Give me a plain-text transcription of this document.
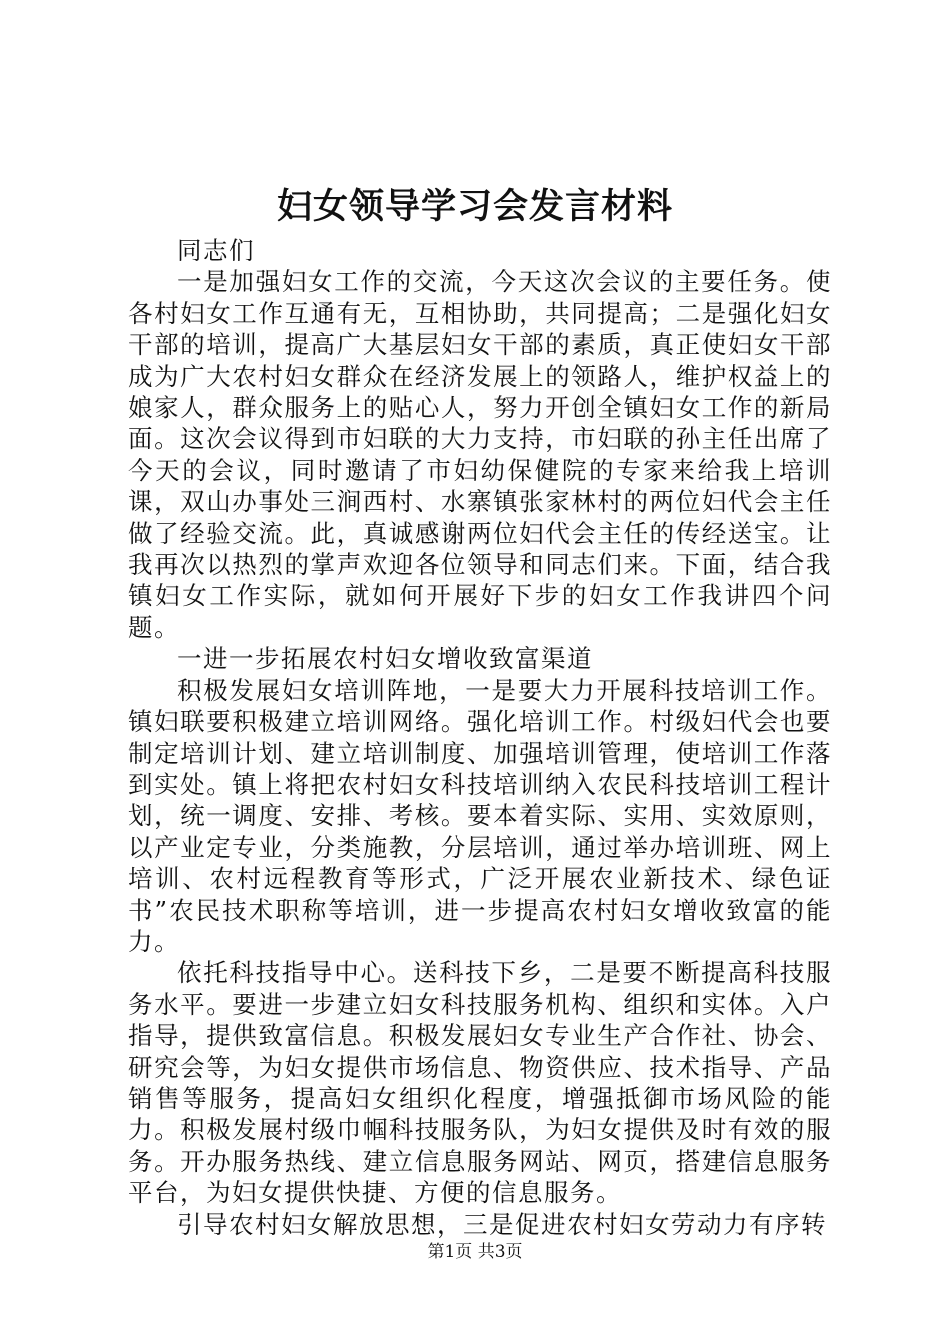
妇女领导学习会发言材料

同志们

一是加强妇女工作的交流，今天这次会议的主要任务。使各村妇女工作互通有无，互相协助，共同提高；二是强化妇女干部的培训，提高广大基层妇女干部的素质，真正使妇女干部成为广大农村妇女群众在经济发展上的领路人，维护权益上的娘家人，群众服务上的贴心人，努力开创全镇妇女工作的新局面。这次会议得到市妇联的大力支持，市妇联的孙主任出席了今天的会议，同时邀请了市妇幼保健院的专家来给我上培训课，双山办事处三涧西村、水寨镇张家林村的两位妇代会主任做了经验交流。此，真诚感谢两位妇代会主任的传经送宝。让我再次以热烈的掌声欢迎各位领导和同志们来。下面，结合我镇妇女工作实际，就如何开展好下步的妇女工作我讲四个问题。

一进一步拓展农村妇女增收致富渠道

积极发展妇女培训阵地，一是要大力开展科技培训工作。镇妇联要积极建立培训网络。强化培训工作。村级妇代会也要制定培训计划、建立培训制度、加强培训管理，使培训工作落到实处。镇上将把农村妇女科技培训纳入农民科技培训工程计划，统一调度、安排、考核。要本着实际、实用、实效原则，以产业定专业，分类施教，分层培训，通过举办培训班、网上培训、农村远程教育等形式，广泛开展农业新技术、绿色证书”农民技术职称等培训，进一步提高农村妇女增收致富的能力。

依托科技指导中心。送科技下乡，二是要不断提高科技服务水平。要进一步建立妇女科技服务机构、组织和实体。入户指导，提供致富信息。积极发展妇女专业生产合作社、协会、研究会等，为妇女提供市场信息、物资供应、技术指导、产品销售等服务，提高妇女组织化程度，增强抵御市场风险的能力。积极发展村级巾帼科技服务队，为妇女提供及时有效的服务。开办服务热线、建立信息服务网站、网页，搭建信息服务平台，为妇女提供快捷、方便的信息服务。

引导农村妇女解放思想，三是促进农村妇女劳动力有序转

第1页 共3页
